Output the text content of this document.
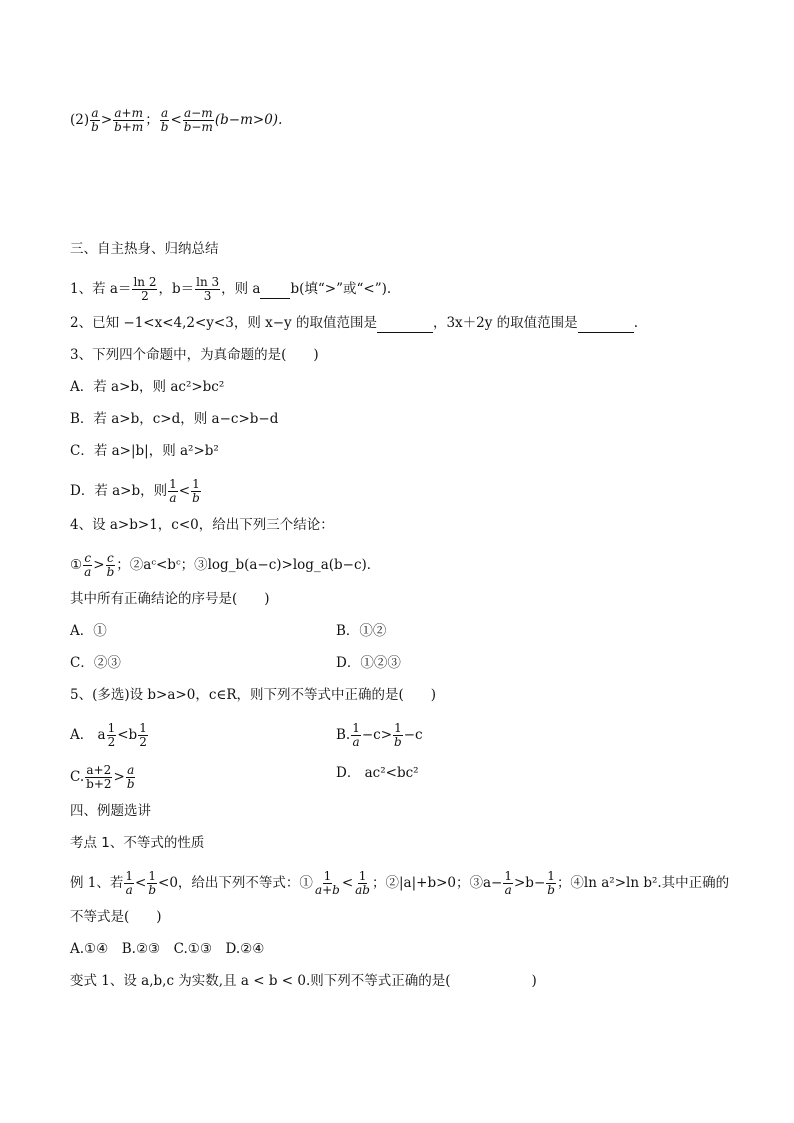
$(2) \frac{a}{b} > \frac{a+m}{b+m}$ ； $\frac{a}{b} < \frac{a-m}{b-m} (b-m>0)$.
三、自主热身、归纳总结
1、若 $a= \frac{\ln 2}{2}$ ，$b= \frac{\ln 3}{3}$ ，则 a b(填“>”或“<”).
2、已知 −1<x<4,2<y<3，则 x−y 的取值范围是	，3x＋2y 的取值范围是	.
3、下列四个命题中，为真命题的是(　　)
A．若 a>b，则 ac²>bc²
B．若 a>b，c>d，则 a−c>b−d
C．若 a>|b|，则 a²>b²
D．若 a>b，则 $\frac{1}{a} < \frac{1}{b}$
4、设 a>b>1，c<0，给出下列三个结论：
① $\frac{c}{a} > \frac{c}{b}$ ；②aᶜ<bᶜ；③log_b(a−c)>log_a(b−c)．
其中所有正确结论的序号是(　　)
A．①	B．①②
C．②③	D．①②③
5、(多选)设 b>a>0，c∈R，则下列不等式中正确的是(　　)
A． a $\frac{1}{2} <b \frac{1}{2}$	B. $\frac{1}{a} -c> \frac{1}{b} -c$
C. $\frac{a+2}{b+2} > \frac{a}{b}$	D． ac²<bc²
四、例题选讲
考点 1、不等式的性质
例 1、若 $\frac{1}{a} < \frac{1}{b} <0$，给出下列不等式：① $\frac{1}{a+b} < \frac{1}{ab}$ ；②|a|+b>0；③a− $\frac{1}{a} >b- \frac{1}{b}$ ；④ln a²>ln b².其中正确的
不等式是(　　)
A.①④　B.②③　C.①③　D.②④
变式 1、设 a,b,c 为实数,且 a < b < 0.则下列不等式正确的是(　　　　　　)
